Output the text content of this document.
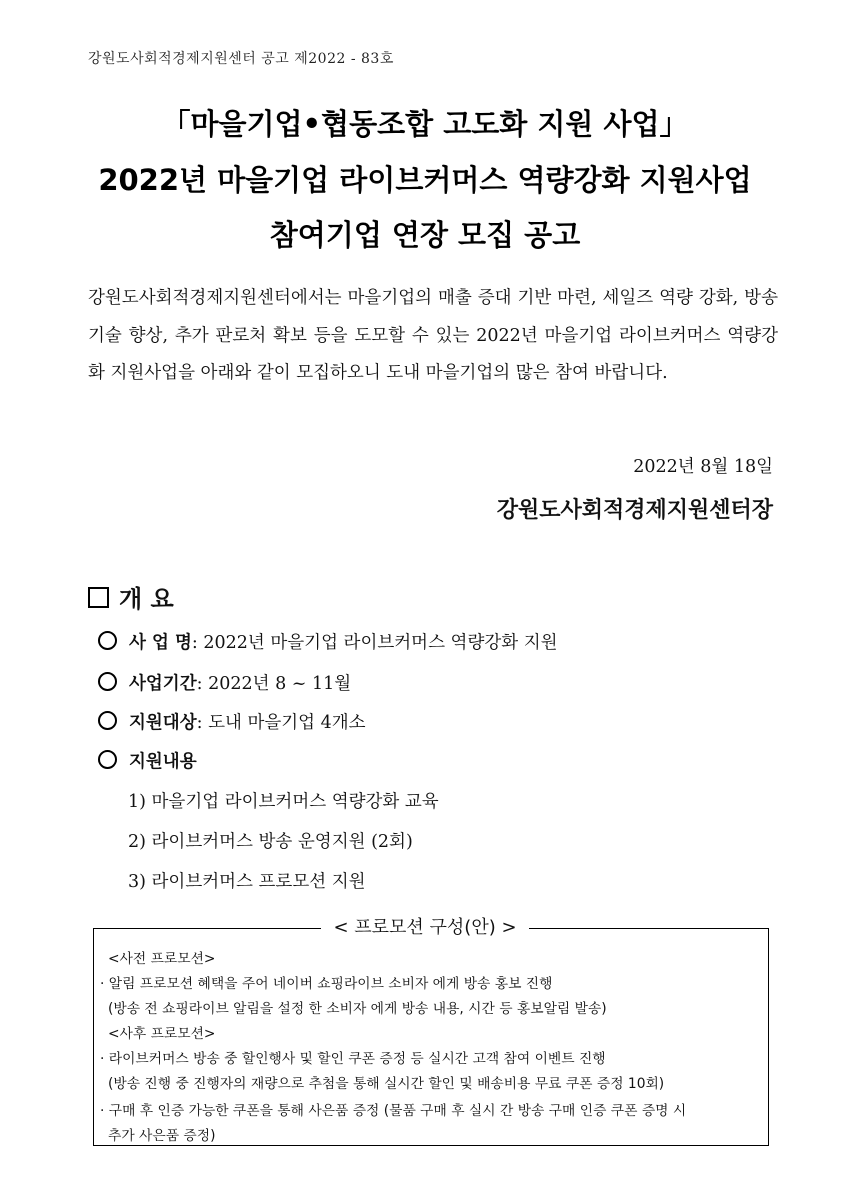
강원도사회적경제지원센터 공고 제2022 - 83호
「마을기업•협동조합 고도화 지원 사업」
2022년 마을기업 라이브커머스 역량강화 지원사업
참여기업 연장 모집 공고
강원도사회적경제지원센터에서는 마을기업의 매출 증대 기반 마련, 세일즈 역량 강화, 방송기술 향상, 추가 판로처 확보 등을 도모할 수 있는 2022년 마을기업 라이브커머스 역량강화 지원사업을 아래와 같이 모집하오니 도내 마을기업의 많은 참여 바랍니다.
2022년 8월 18일
강원도사회적경제지원센터장
개 요
사 업 명: 2022년 마을기업 라이브커머스 역량강화 지원
사업기간: 2022년 8 ~ 11월
지원대상: 도내 마을기업 4개소
지원내용
1) 마을기업 라이브커머스 역량강화 교육
2) 라이브커머스 방송 운영지원 (2회)
3) 라이브커머스 프로모션 지원
< 프로모션 구성(안) >
<사전 프로모션>
· 알림 프로모션 혜택을 주어 네이버 쇼핑라이브 소비자 에게 방송 홍보 진행
(방송 전 쇼핑라이브 알림을 설정 한 소비자 에게 방송 내용, 시간 등 홍보알림 발송)
<사후 프로모션>
· 라이브커머스 방송 중 할인행사 및 할인 쿠폰 증정 등 실시간 고객 참여 이벤트 진행
(방송 진행 중 진행자의 재량으로 추첨을 통해 실시간 할인 및 배송비용 무료 쿠폰 증정 10회)
· 구매 후 인증 가능한 쿠폰을 통해 사은품 증정 (물품 구매 후 실시 간 방송 구매 인증 쿠폰 증명 시
추가 사은품 증정)
